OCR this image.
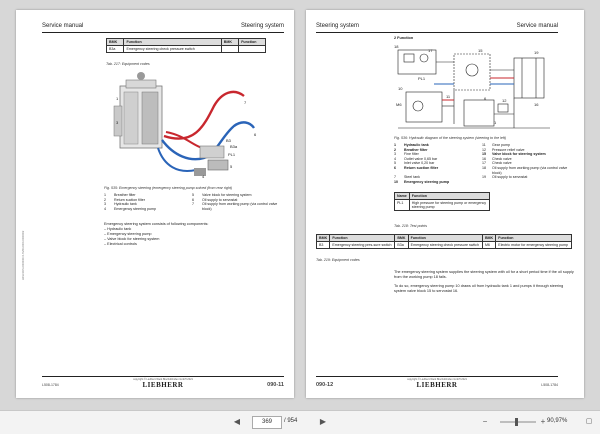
Service manual	Steering system
BMK	Function	BMK	Function
B3a	Emergency steering check pressure switch		
Tab. 217: Equipment codes
B3
B3a
PL1
1
3
7
6
4
5
Fig. 535: Emergency steering (emergency steering pump solved (from rear right)
1	Breather filter
2	Return suction filter
3	Hydraulic tank
4	Emergency steering pump
5	Valve block for steering system
6	Oil supply to servostat
7	Oil supply from working pump (via control valve block)
Emergency steering system consists of following components:
– Hydraulic tank
– Emergency steering pump
– Valve block for steering system
– Electrical controls
LWH-SDS-0000000-5-SVW-0000-0000002
L508-1784
copyright © Liebherr-Werk Bischofshofen GmbH 2021
LIEBHERR	090-11
Steering system	Service manual
2 Function
18
17	15	19
10
11
PL1
12
16
M6
1
6
Fig. 536: Hydraulic diagram of the steering system (steering to the left)
1	Hydraulic tank
2	Breather filter
3	Fine filter
4	Outlet valve 0,65 bar
5	Inlet valve 0,20 bar
6	Return suction filter
7	Steel tank
10	Emergency steering pump
11	Gear pump
12	Pressure relief valve
15	Valve block for steering system
16	Check valve
17	Check valve
18	Oil supply from working pump (via control valve block)
19	Oil supply to servostat
Name	Function
PL1	High pressure for steering pump or emergency steering pump
Tab. 218: Test points
BMK	Function	BMK	Function	BMK	Function
B3	Emergency steering pres-sure switch	B3a	Emergency steering check pressure switch	M6	Electric motor for emergency steering pump
Tab. 219: Equipment codes
The emergency steering system supplies the steering system with oil for a short period time if the oil supply from the working pump 18 fails.
To do so, emergency steering pump 10 draws oil from hydraulic tank 1 and pumps it through steering system valve block 15 to servostat 16.
L508-1784
copyright © Liebherr-Werk Bischofshofen GmbH 2021
LIEBHERR
090-12
◀	369	/ 954	▶	−	+ 90,97%	▢
